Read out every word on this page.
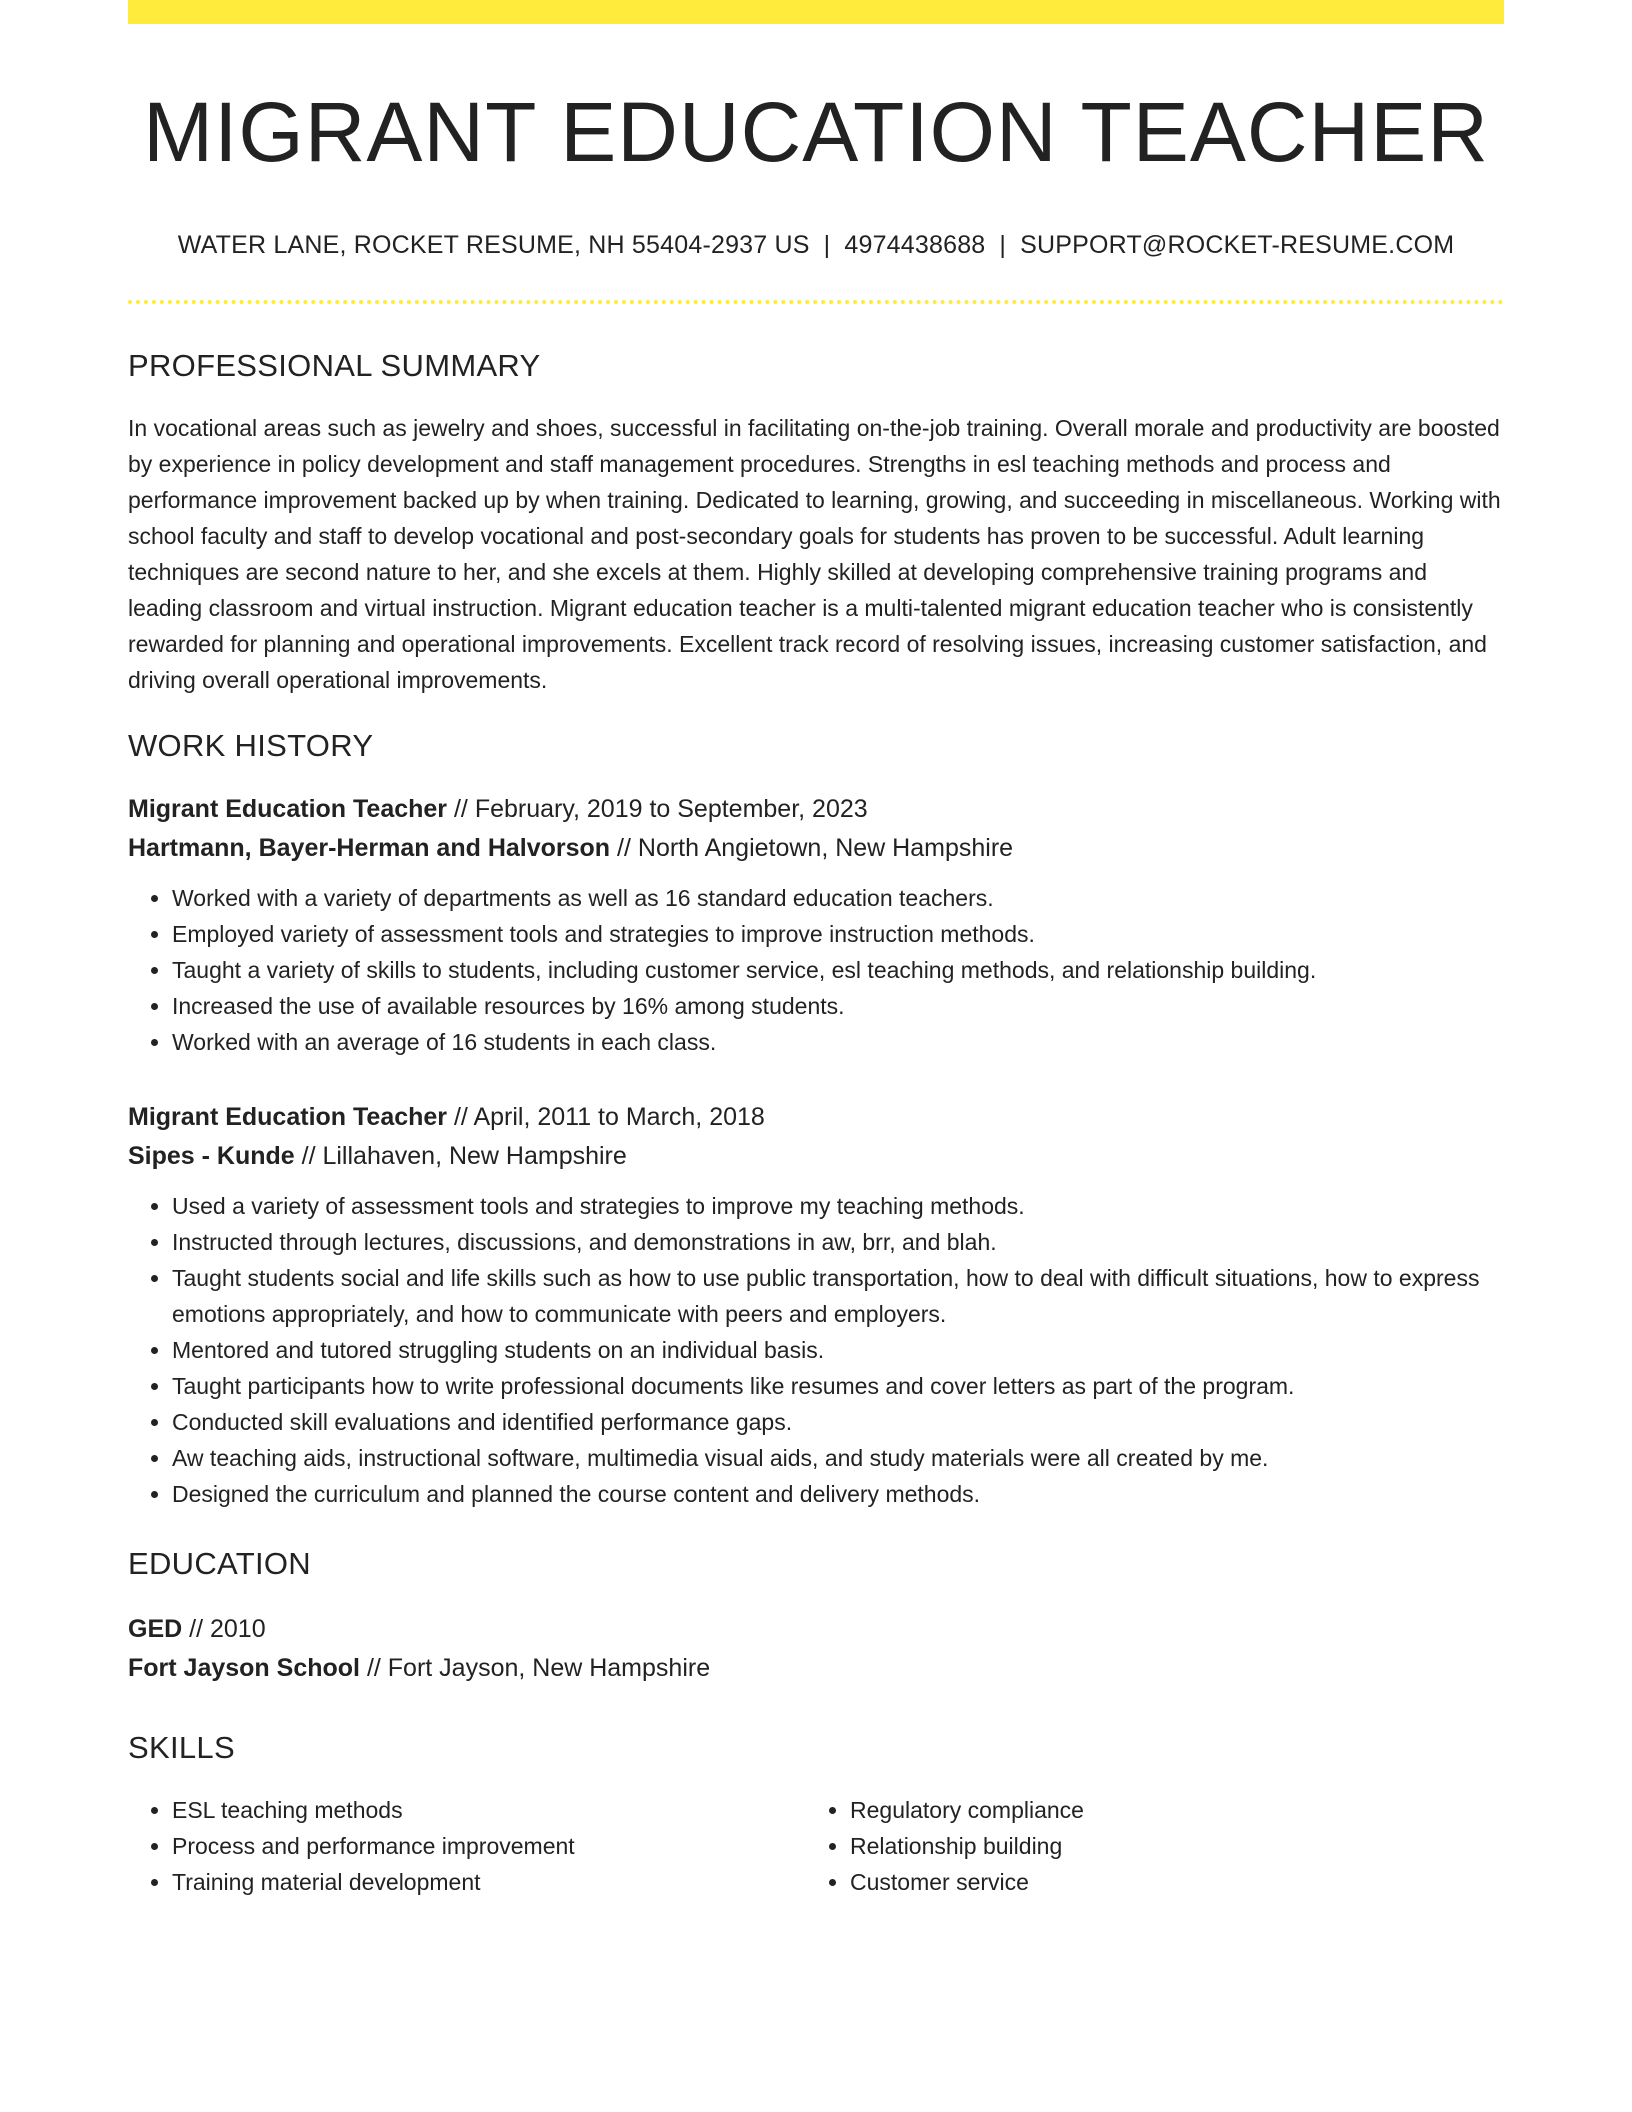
MIGRANT EDUCATION TEACHER
WATER LANE, ROCKET RESUME, NH 55404-2937 US | 4974438688 | SUPPORT@ROCKET-RESUME.COM
PROFESSIONAL SUMMARY
In vocational areas such as jewelry and shoes, successful in facilitating on-the-job training. Overall morale and productivity are boosted by experience in policy development and staff management procedures. Strengths in esl teaching methods and process and performance improvement backed up by when training. Dedicated to learning, growing, and succeeding in miscellaneous. Working with school faculty and staff to develop vocational and post-secondary goals for students has proven to be successful. Adult learning techniques are second nature to her, and she excels at them. Highly skilled at developing comprehensive training programs and leading classroom and virtual instruction. Migrant education teacher is a multi-talented migrant education teacher who is consistently rewarded for planning and operational improvements. Excellent track record of resolving issues, increasing customer satisfaction, and driving overall operational improvements.
WORK HISTORY
Migrant Education Teacher // February, 2019 to September, 2023
Hartmann, Bayer-Herman and Halvorson // North Angietown, New Hampshire
• Worked with a variety of departments as well as 16 standard education teachers.
• Employed variety of assessment tools and strategies to improve instruction methods.
• Taught a variety of skills to students, including customer service, esl teaching methods, and relationship building.
• Increased the use of available resources by 16% among students.
• Worked with an average of 16 students in each class.
Migrant Education Teacher // April, 2011 to March, 2018
Sipes - Kunde // Lillahaven, New Hampshire
• Used a variety of assessment tools and strategies to improve my teaching methods.
• Instructed through lectures, discussions, and demonstrations in aw, brr, and blah.
• Taught students social and life skills such as how to use public transportation, how to deal with difficult situations, how to express emotions appropriately, and how to communicate with peers and employers.
• Mentored and tutored struggling students on an individual basis.
• Taught participants how to write professional documents like resumes and cover letters as part of the program.
• Conducted skill evaluations and identified performance gaps.
• Aw teaching aids, instructional software, multimedia visual aids, and study materials were all created by me.
• Designed the curriculum and planned the course content and delivery methods.
EDUCATION
GED // 2010
Fort Jayson School // Fort Jayson, New Hampshire
SKILLS
• ESL teaching methods
• Process and performance improvement
• Training material development
• Regulatory compliance
• Relationship building
• Customer service
